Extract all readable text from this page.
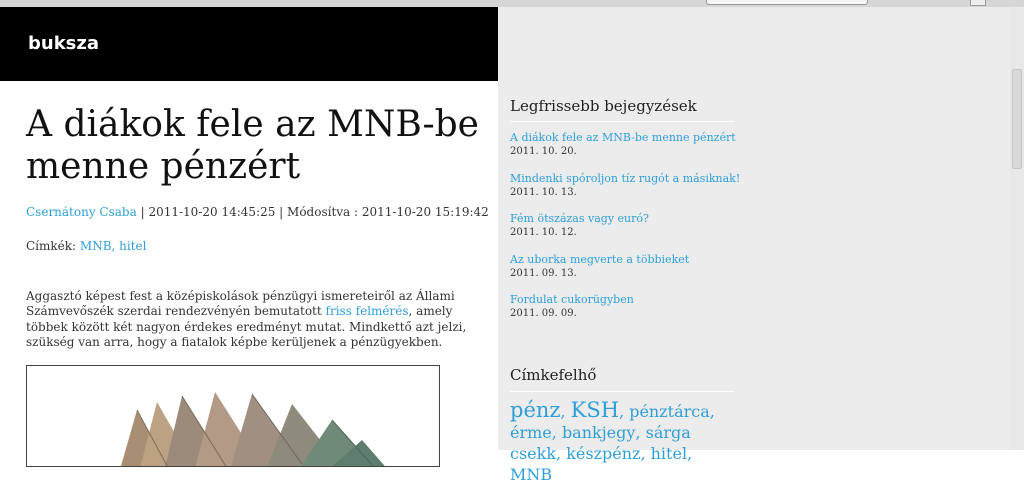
buksza
A diákok fele az MNB-be menne pénzért
Csernátony Csaba | 2011-10-20 14:45:25 | Módosítva : 2011-10-20 15:19:42
Címkék: MNB, hitel

Aggasztó képest fest a középiskolások pénzügyi ismereteiről az Állami Számvevőszék szerdai rendezvényén bemutatott friss felmérés, amely többek között két nagyon érdekes eredményt mutat. Mindkettő azt jelzi, szükség van arra, hogy a fiatalok képbe kerüljenek a pénzügyekben.

Legfrissebb bejegyzések
A diákok fele az MNB-be menne pénzért
2011. 10. 20.
Mindenki spóroljon tíz rugót a másiknak!
2011. 10. 13.
Fém ötszázas vagy euró?
2011. 10. 12.
Az uborka megverte a többieket
2011. 09. 13.
Fordulat cukorügyben
2011. 09. 09.
Címkefelhő
pénz, KSH, pénztárca, érme, bankjegy, sárga csekk, készpénz, hitel, MNB
